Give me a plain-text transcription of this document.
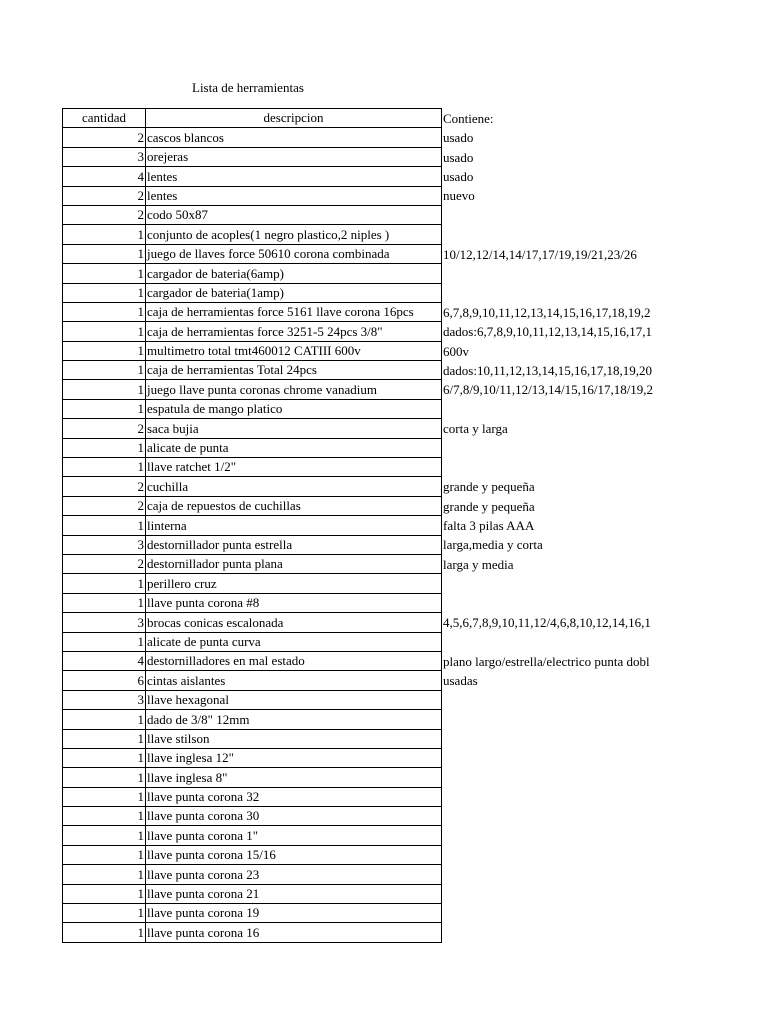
Lista de herramientas
cantidad	descripcion	Contiene:
2	cascos blancos	usado
3	orejeras	usado
4	lentes	usado
2	lentes	nuevo
2	codo 50x87	
1	conjunto de acoples(1 negro plastico,2 niples )	
1	juego de llaves force 50610 corona combinada	10/12,12/14,14/17,17/19,19/21,23/26
1	cargador de bateria(6amp)	
1	cargador de bateria(1amp)	
1	caja de herramientas force 5161 llave corona 16pcs	6,7,8,9,10,11,12,13,14,15,16,17,18,19,2
1	caja de herramientas force 3251-5 24pcs 3/8"	dados:6,7,8,9,10,11,12,13,14,15,16,17,1
1	multimetro total tmt460012 CATIII 600v	600v
1	caja de herramientas Total 24pcs	dados:10,11,12,13,14,15,16,17,18,19,20
1	juego llave punta coronas chrome vanadium	6/7,8/9,10/11,12/13,14/15,16/17,18/19,2
1	espatula de mango platico	
2	saca bujia	corta y larga
1	alicate de punta	
1	llave ratchet 1/2"	
2	cuchilla	grande y pequeña
2	caja de repuestos de cuchillas	grande y pequeña
1	linterna	falta 3 pilas AAA
3	destornillador punta estrella	larga,media y corta
2	destornillador punta plana	larga y media
1	perillero cruz	
1	llave punta corona #8	
3	brocas conicas escalonada	4,5,6,7,8,9,10,11,12/4,6,8,10,12,14,16,1
1	alicate de punta curva	
4	destornilladores en mal estado	plano largo/estrella/electrico punta dobl
6	cintas aislantes	usadas
3	llave hexagonal	
1	dado de 3/8" 12mm	
1	llave stilson	
1	llave inglesa 12"	
1	llave inglesa 8"	
1	llave punta corona 32	
1	llave punta corona 30	
1	llave punta corona 1"	
1	llave punta corona 15/16	
1	llave punta corona 23	
1	llave punta corona 21	
1	llave punta corona 19	
1	llave punta corona 16	
